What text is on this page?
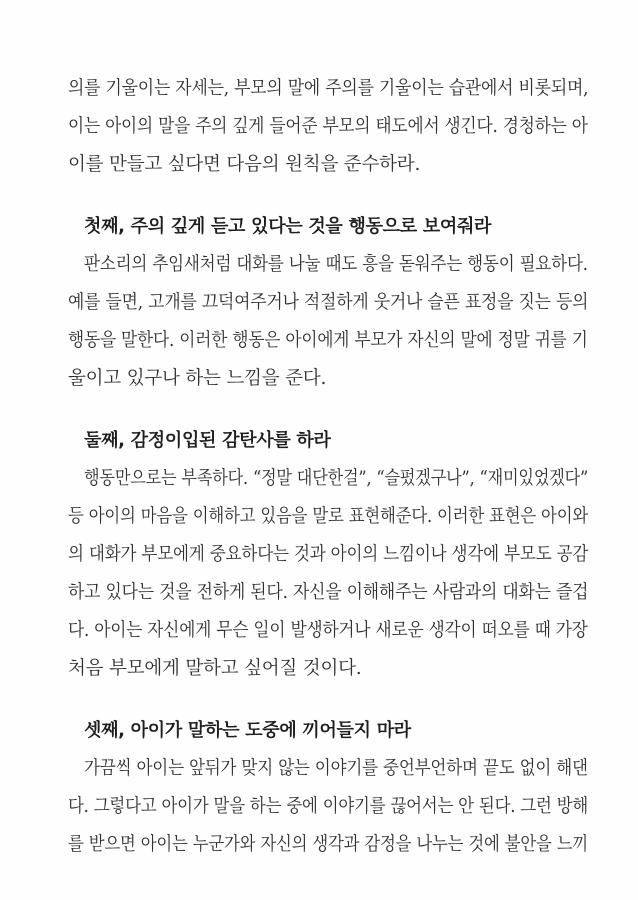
의를 기울이는 자세는, 부모의 말에 주의를 기울이는 습관에서 비롯되며,
이는 아이의 말을 주의 깊게 들어준 부모의 태도에서 생긴다. 경청하는 아
이를 만들고 싶다면 다음의 원칙을 준수하라.
첫째, 주의 깊게 듣고 있다는 것을 행동으로 보여줘라
판소리의 추임새처럼 대화를 나눌 때도 흥을 돋워주는 행동이 필요하다.
예를 들면, 고개를 끄덕여주거나 적절하게 웃거나 슬픈 표정을 짓는 등의
행동을 말한다. 이러한 행동은 아이에게 부모가 자신의 말에 정말 귀를 기
울이고 있구나 하는 느낌을 준다.
둘째, 감정이입된 감탄사를 하라
행동만으로는 부족하다. “정말 대단한걸”, “슬펐겠구나”, “재미있었겠다”
등 아이의 마음을 이해하고 있음을 말로 표현해준다. 이러한 표현은 아이와
의 대화가 부모에게 중요하다는 것과 아이의 느낌이나 생각에 부모도 공감
하고 있다는 것을 전하게 된다. 자신을 이해해주는 사람과의 대화는 즐겁
다. 아이는 자신에게 무슨 일이 발생하거나 새로운 생각이 떠오를 때 가장
처음 부모에게 말하고 싶어질 것이다.
셋째, 아이가 말하는 도중에 끼어들지 마라
가끔씩 아이는 앞뒤가 맞지 않는 이야기를 중언부언하며 끝도 없이 해댄
다. 그렇다고 아이가 말을 하는 중에 이야기를 끊어서는 안 된다. 그런 방해
를 받으면 아이는 누군가와 자신의 생각과 감정을 나누는 것에 불안을 느끼
